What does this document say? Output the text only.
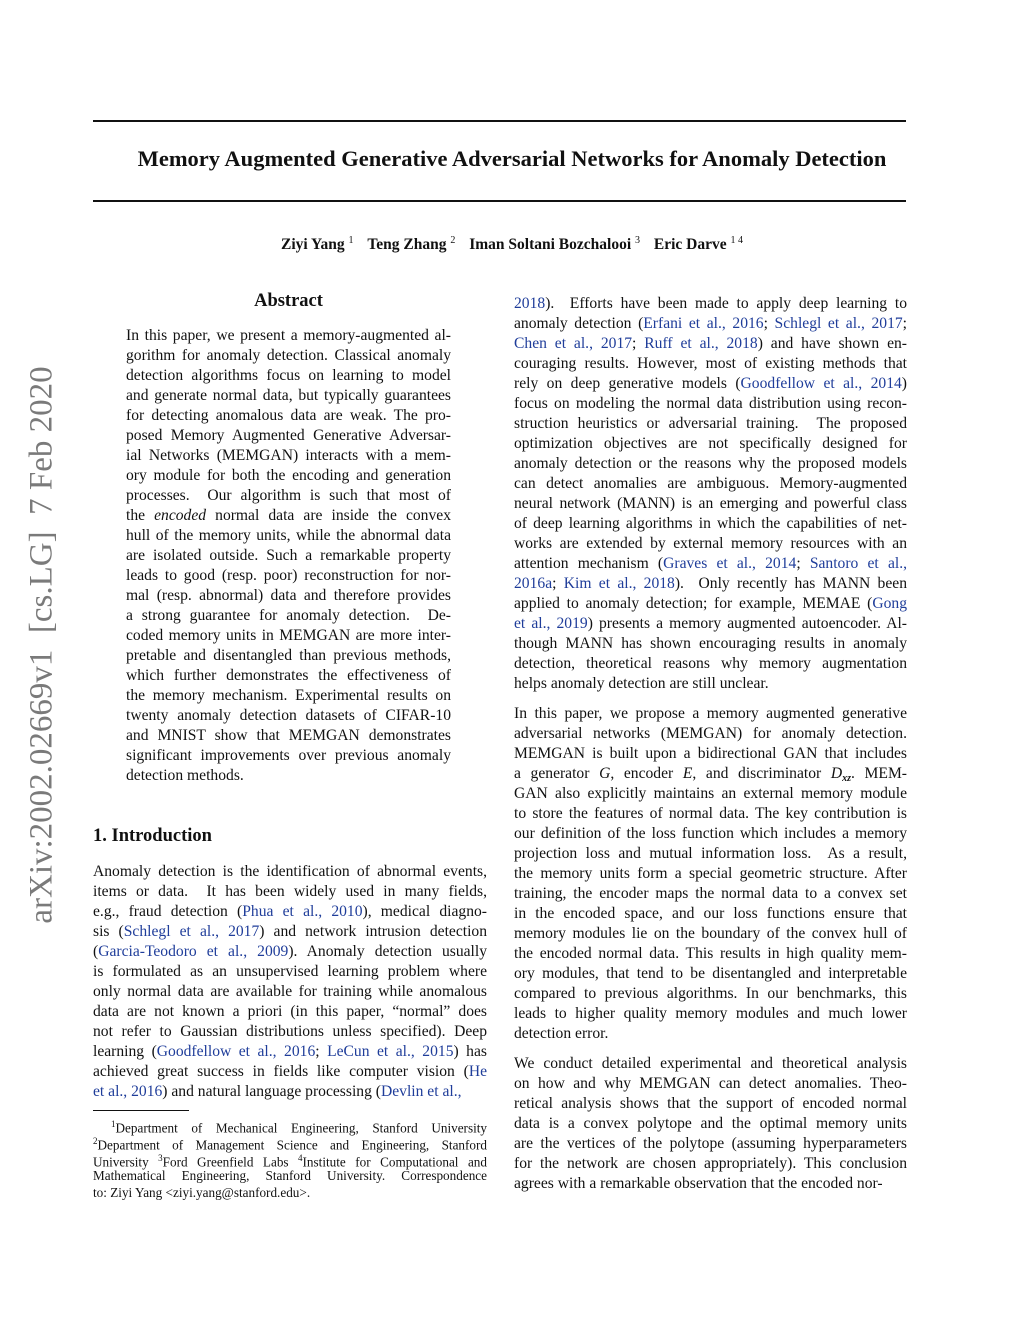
arXiv:2002.02669v1  [cs.LG]  7 Feb 2020
Memory Augmented Generative Adversarial Networks for Anomaly Detection
Ziyi Yang $^1$ Teng Zhang $^2$ Iman Soltani Bozchalooi $^3$ Eric Darve $^{1 4}$
Abstract
In this paper, we present a memory-augmented al-
gorithm for anomaly detection. Classical anomaly
detection algorithms focus on learning to model
and generate normal data, but typically guarantees
for detecting anomalous data are weak. The pro-
posed Memory Augmented Generative Adversar-
ial Networks (MEMGAN) interacts with a mem-
ory module for both the encoding and generation
processes.  Our algorithm is such that most of
the encoded normal data are inside the convex
hull of the memory units, while the abnormal data
are isolated outside. Such a remarkable property
leads to good (resp. poor) reconstruction for nor-
mal (resp. abnormal) data and therefore provides
a strong guarantee for anomaly detection.  De-
coded memory units in MEMGAN are more inter-
pretable and disentangled than previous methods,
which further demonstrates the effectiveness of
the memory mechanism. Experimental results on
twenty anomaly detection datasets of CIFAR-10
and MNIST show that MEMGAN demonstrates
significant improvements over previous anomaly
detection methods.
1. Introduction
Anomaly detection is the identification of abnormal events,
items or data.  It has been widely used in many fields,
e.g., fraud detection (Phua et al., 2010), medical diagno-
sis (Schlegl et al., 2017) and network intrusion detection
(Garcia-Teodoro et al., 2009). Anomaly detection usually
is formulated as an unsupervised learning problem where
only normal data are available for training while anomalous
data are not known a priori (in this paper, “normal” does
not refer to Gaussian distributions unless specified). Deep
learning (Goodfellow et al., 2016; LeCun et al., 2015) has
achieved great success in fields like computer vision (He
et al., 2016) and natural language processing (Devlin et al.,
2018).  Efforts have been made to apply deep learning to
anomaly detection (Erfani et al., 2016; Schlegl et al., 2017;
Chen et al., 2017; Ruff et al., 2018) and have shown en-
couraging results. However, most of existing methods that
rely on deep generative models (Goodfellow et al., 2014)
focus on modeling the normal data distribution using recon-
struction heuristics or adversarial training.  The proposed
optimization objectives are not specifically designed for
anomaly detection or the reasons why the proposed models
can detect anomalies are ambiguous. Memory-augmented
neural network (MANN) is an emerging and powerful class
of deep learning algorithms in which the capabilities of net-
works are extended by external memory resources with an
attention mechanism (Graves et al., 2014; Santoro et al.,
2016a; Kim et al., 2018).  Only recently has MANN been
applied to anomaly detection; for example, MEMAE (Gong
et al., 2019) presents a memory augmented autoencoder. Al-
though MANN has shown encouraging results in anomaly
detection, theoretical reasons why memory augmentation
helps anomaly detection are still unclear.
In this paper, we propose a memory augmented generative
adversarial networks (MEMGAN) for anomaly detection.
MEMGAN is built upon a bidirectional GAN that includes
a generator G, encoder E, and discriminator $D_{xz}$. MEM-
GAN also explicitly maintains an external memory module
to store the features of normal data. The key contribution is
our definition of the loss function which includes a memory
projection loss and mutual information loss.  As a result,
the memory units form a special geometric structure. After
training, the encoder maps the normal data to a convex set
in the encoded space, and our loss functions ensure that
memory modules lie on the boundary of the convex hull of
the encoded normal data. This results in high quality mem-
ory modules, that tend to be disentangled and interpretable
compared to previous algorithms. In our benchmarks, this
leads to higher quality memory modules and much lower
detection error.
We conduct detailed experimental and theoretical analysis
on how and why MEMGAN can detect anomalies. Theo-
retical analysis shows that the support of encoded normal
data is a convex polytope and the optimal memory units
are the vertices of the polytope (assuming hyperparameters
for the network are chosen appropriately). This conclusion
agrees with a remarkable observation that the encoded nor-
$^1$Department of Mechanical Engineering, Stanford University
$^2$Department of Management Science and Engineering, Stanford
University $^3$Ford Greenfield Labs $^4$Institute for Computational and
Mathematical Engineering, Stanford University. Correspondence
to: Ziyi Yang <ziyi.yang@stanford.edu>.
